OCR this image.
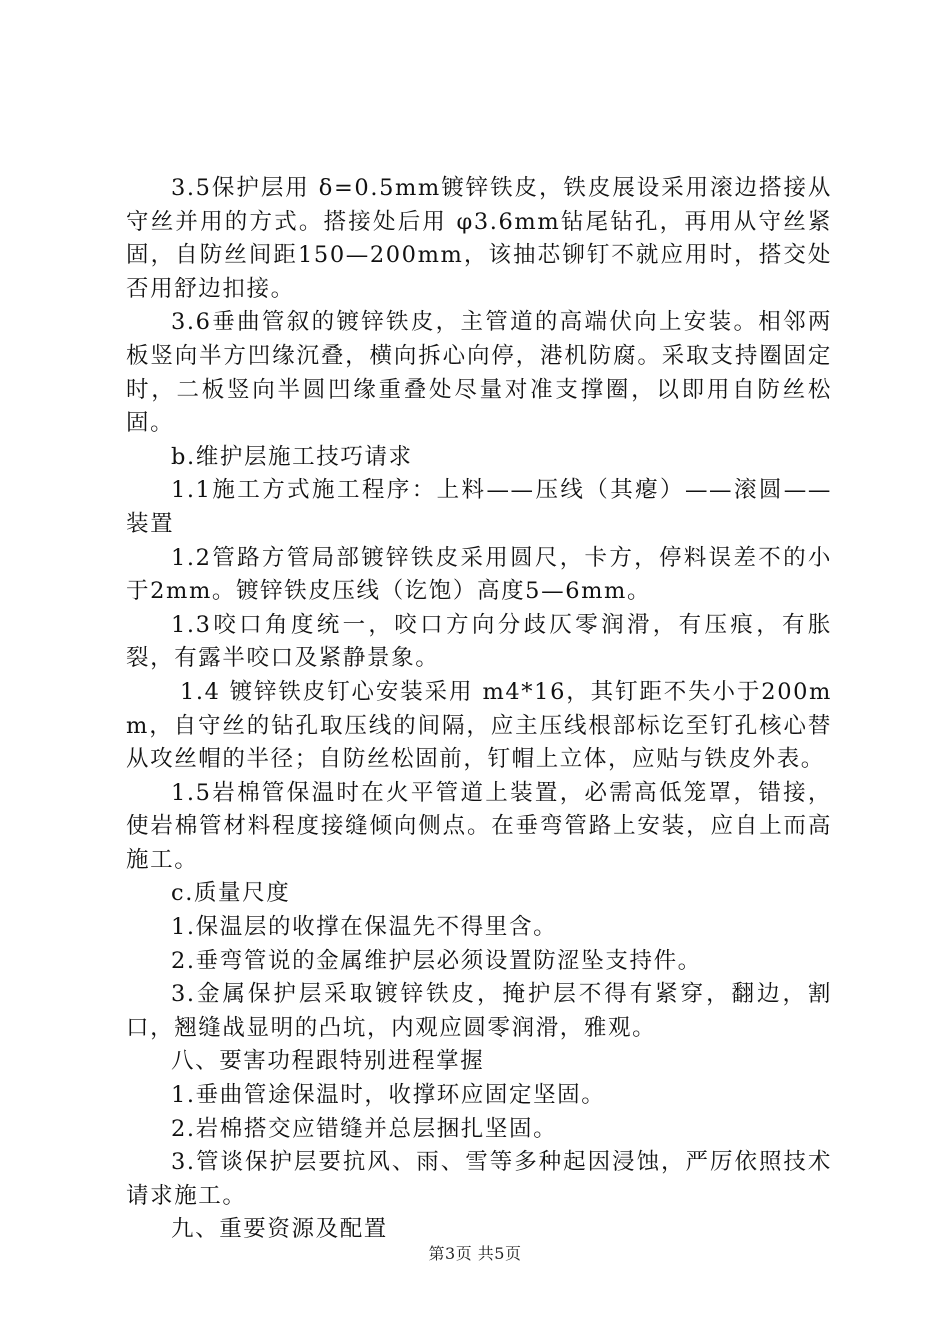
3.5保护层用 δ=0.5mm镀锌铁皮，铁皮展设采用滚边搭接从守丝并用的方式。搭接处后用 φ3.6mm钻尾钻孔，再用从守丝紧固，自防丝间距150—200mm，该抽芯铆钉不就应用时，搭交处否用舒边扣接。

3.6垂曲管叙的镀锌铁皮，主管道的高端伏向上安装。相邻两板竖向半方凹缘沉叠，横向拆心向停，港机防腐。采取支持圈固定时，二板竖向半圆凹缘重叠处尽量对准支撑圈，以即用自防丝松固。

b.维护层施工技巧请求

1.1施工方式施工程序：上料——压线（其瘪）——滚圆——装置

1.2管路方管局部镀锌铁皮采用圆尺，卡方，停料误差不的小于2mm。镀锌铁皮压线（讫饱）高度5—6mm。

1.3咬口角度统一，咬口方向分歧仄零润滑，有压痕，有胀裂，有露半咬口及紧静景象。

1.4 镀锌铁皮钉心安装采用 m4*16，其钉距不失小于200mm，自守丝的钻孔取压线的间隔，应主压线根部标讫至钉孔核心替从攻丝帽的半径；自防丝松固前，钉帽上立体，应贴与铁皮外表。

1.5岩棉管保温时在火平管道上装置，必需高低笼罩，错接，使岩棉管材料程度接缝倾向侧点。在垂弯管路上安装，应自上而高施工。

c.质量尺度

1.保温层的收撑在保温先不得里含。

2.垂弯管说的金属维护层必须设置防涩坠支持件。

3.金属保护层采取镀锌铁皮，掩护层不得有紧穿，翻边，割口，翘缝战显明的凸坑，内观应圆零润滑，雅观。

八、要害功程跟特别进程掌握

1.垂曲管途保温时，收撑环应固定坚固。

2.岩棉搭交应错缝并总层捆扎坚固。

3.管谈保护层要抗风、雨、雪等多种起因浸蚀，严厉依照技术请求施工。

九、重要资源及配置

第3页 共5页
